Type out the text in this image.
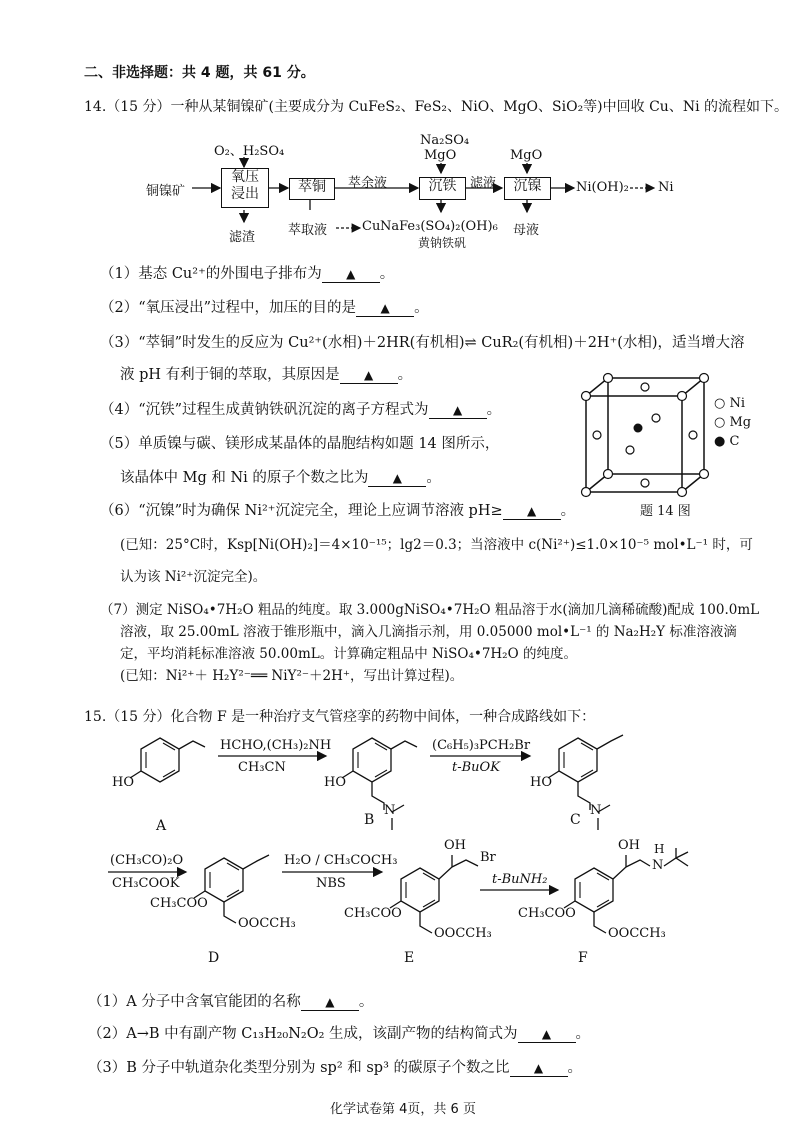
二、非选择题：共 4 题，共 61 分。
14.（15 分）一种从某铜镍矿(主要成分为 CuFeS₂、FeS₂、NiO、MgO、SiO₂等)中回收 Cu、Ni 的流程如下。
铜镍矿
O₂、H₂SO₄
氧压
浸出
滤渣
萃铜
萃取液	Cu
萃余液
Na₂SO₄
MgO
沉铁
NaFe₃(SO₄)₂(OH)₆
黄钠铁矾
滤液
MgO
沉镍
母液
Ni(OH)₂ Ni
（1）基态 Cu²⁺的外围电子排布为 ▲ 。
（2）“氧压浸出”过程中，加压的目的是 ▲ 。
（3）“萃铜”时发生的反应为 Cu²⁺(水相)＋2HR(有机相)⇌ CuR₂(有机相)＋2H⁺(水相)，适当增大溶
液 pH 有利于铜的萃取，其原因是 ▲ 。
（4）“沉铁”过程生成黄钠铁矾沉淀的离子方程式为 ▲ 。
（5）单质镍与碳、镁形成某晶体的晶胞结构如题 14 图所示，
该晶体中 Mg 和 Ni 的原子个数之比为 ▲ 。
（6）“沉镍”时为确保 Ni²⁺沉淀完全，理论上应调节溶液 pH≥ ▲ 。
○ Ni
○ Mg
● C
题 14 图
(已知：25°C时，Ksp[Ni(OH)₂]＝4×10⁻¹⁵；lg2＝0.3；当溶液中 c(Ni²⁺)≤1.0×10⁻⁵ mol•L⁻¹ 时，可
认为该 Ni²⁺沉淀完全)。
（7）测定 NiSO₄•7H₂O 粗品的纯度。取 3.000gNiSO₄•7H₂O 粗品溶于水(滴加几滴稀硫酸)配成 100.0mL
溶液，取 25.00mL 溶液于锥形瓶中，滴入几滴指示剂，用 0.05000 mol•L⁻¹ 的 Na₂H₂Y 标准溶液滴
定，平均消耗标准溶液 50.00mL。计算确定粗品中 NiSO₄•7H₂O 的纯度。
(已知：Ni²⁺＋ H₂Y²⁻══ NiY²⁻＋2H⁺，写出计算过程)。
15.（15 分）化合物 F 是一种治疗支气管痉挛的药物中间体，一种合成路线如下：
HCHO,(CH₃)₂NH
CH₃CN
(C₆H₅)₃PCH₂Br
t-BuOK
(CH₃CO)₂O
CH₃COOK
H₂O / CH₃COCH₃
NBS	t-BuNH₂
HO	HO
N
HO
N
CH₃COO
OOCCH₃
OH
Br
CH₃COO
OOCCH₃
OH
N
H
CH₃COO
OOCCH₃
A	B	C
D	E	F
（1）A 分子中含氧官能团的名称 ▲ 。
（2）A→B 中有副产物 C₁₃H₂₀N₂O₂ 生成，该副产物的结构简式为 ▲ 。
（3）B 分子中轨道杂化类型分别为 sp² 和 sp³ 的碳原子个数之比 ▲ 。
化学试卷第 4页，共 6 页
